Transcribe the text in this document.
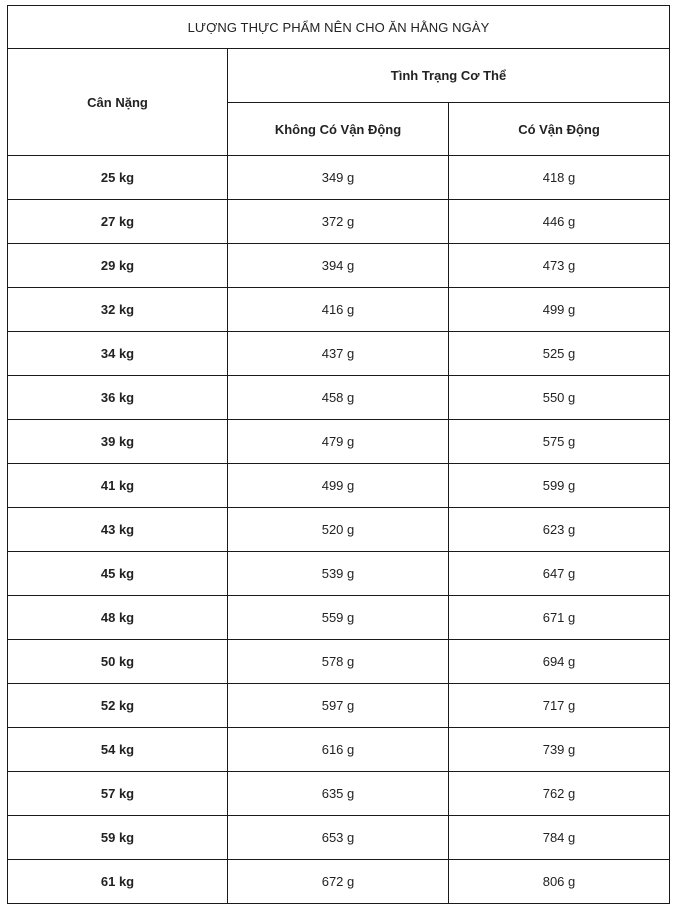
LƯỢNG THỰC PHẨM NÊN CHO ĂN HẰNG NGÀY		
Cân Nặng	Tình Trạng Cơ Thể	
	Không Có Vận Động	Có Vận Động
25 kg	349 g	418 g
27 kg	372 g	446 g
29 kg	394 g	473 g
32 kg	416 g	499 g
34 kg	437 g	525 g
36 kg	458 g	550 g
39 kg	479 g	575 g
41 kg	499 g	599 g
43 kg	520 g	623 g
45 kg	539 g	647 g
48 kg	559 g	671 g
50 kg	578 g	694 g
52 kg	597 g	717 g
54 kg	616 g	739 g
57 kg	635 g	762 g
59 kg	653 g	784 g
61 kg	672 g	806 g
